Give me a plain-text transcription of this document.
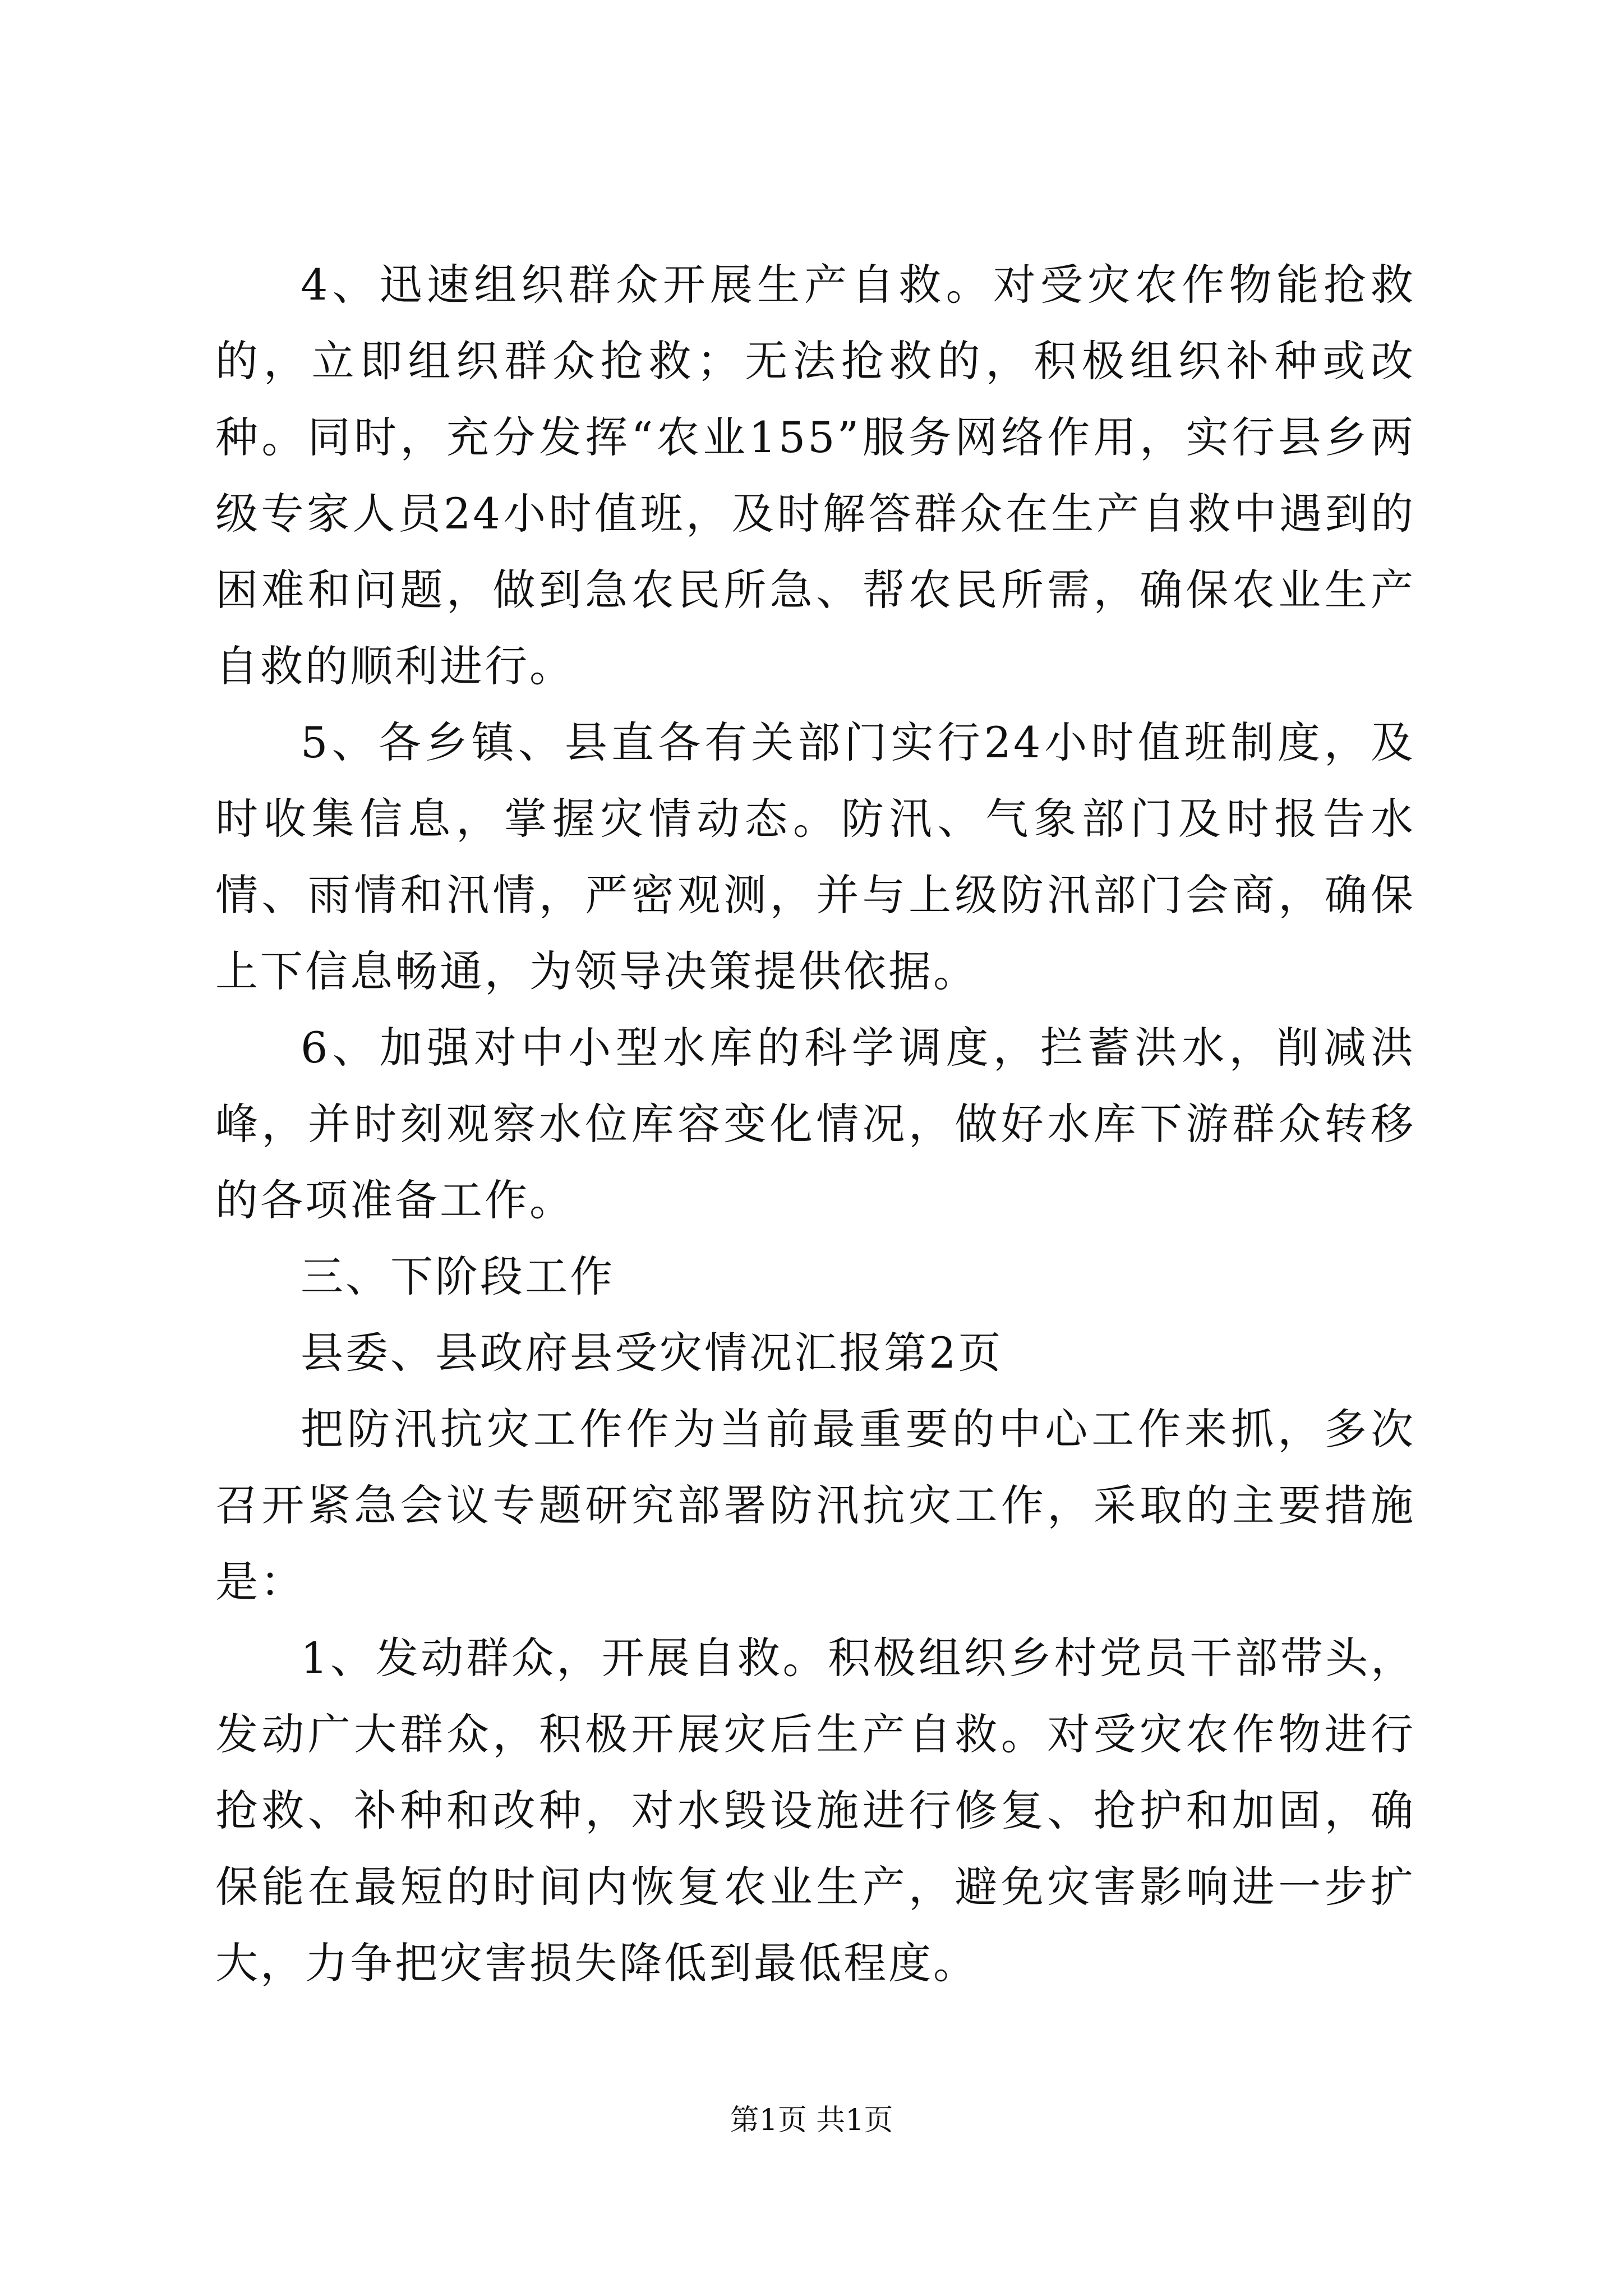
4、迅速组织群众开展生产自救。对受灾农作物能抢救的，立即组织群众抢救；无法抢救的，积极组织补种或改种。同时，充分发挥“农业155”服务网络作用，实行县乡两级专家人员24小时值班，及时解答群众在生产自救中遇到的困难和问题，做到急农民所急、帮农民所需，确保农业生产自救的顺利进行。

5、各乡镇、县直各有关部门实行24小时值班制度，及时收集信息，掌握灾情动态。防汛、气象部门及时报告水情、雨情和汛情，严密观测，并与上级防汛部门会商，确保上下信息畅通，为领导决策提供依据。

6、加强对中小型水库的科学调度，拦蓄洪水，削减洪峰，并时刻观察水位库容变化情况，做好水库下游群众转移的各项准备工作。

三、下阶段工作

县委、县政府县受灾情况汇报第2页

把防汛抗灾工作作为当前最重要的中心工作来抓，多次召开紧急会议专题研究部署防汛抗灾工作，采取的主要措施是：

1、发动群众，开展自救。积极组织乡村党员干部带头，发动广大群众，积极开展灾后生产自救。对受灾农作物进行抢救、补种和改种，对水毁设施进行修复、抢护和加固，确保能在最短的时间内恢复农业生产，避免灾害影响进一步扩大，力争把灾害损失降低到最低程度。

第1页 共1页
